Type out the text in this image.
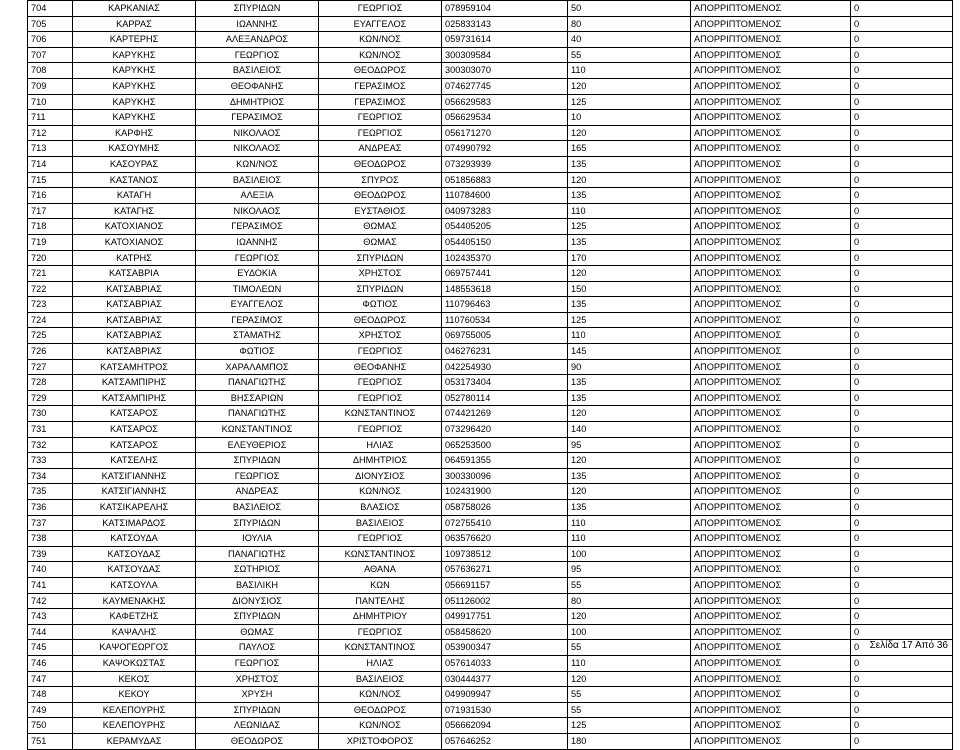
704	ΚΑΡΚΑΝΙΑΣ	ΣΠΥΡΙΔΩΝ	ΓΕΩΡΓΙΟΣ	078959104	50	ΑΠΟΡΡΙΠΤΟΜΕΝΟΣ	0
705	ΚΑΡΡΑΣ	ΙΩΑΝΝΗΣ	ΕΥΑΓΓΕΛΟΣ	025833143	80	ΑΠΟΡΡΙΠΤΟΜΕΝΟΣ	0
706	ΚΑΡΤΕΡΗΣ	ΑΛΕΞΑΝΔΡΟΣ	ΚΩΝ/ΝΟΣ	059731614	40	ΑΠΟΡΡΙΠΤΟΜΕΝΟΣ	0
707	ΚΑΡΥΚΗΣ	ΓΕΩΡΓΙΟΣ	ΚΩΝ/ΝΟΣ	300309584	55	ΑΠΟΡΡΙΠΤΟΜΕΝΟΣ	0
708	ΚΑΡΥΚΗΣ	ΒΑΣΙΛΕΙΟΣ	ΘΕΟΔΩΡΟΣ	300303070	110	ΑΠΟΡΡΙΠΤΟΜΕΝΟΣ	0
709	ΚΑΡΥΚΗΣ	ΘΕΟΦΑΝΗΣ	ΓΕΡΑΣΙΜΟΣ	074627745	120	ΑΠΟΡΡΙΠΤΟΜΕΝΟΣ	0
710	ΚΑΡΥΚΗΣ	ΔΗΜΗΤΡΙΟΣ	ΓΕΡΑΣΙΜΟΣ	056629583	125	ΑΠΟΡΡΙΠΤΟΜΕΝΟΣ	0
711	ΚΑΡΥΚΗΣ	ΓΕΡΑΣΙΜΟΣ	ΓΕΩΡΓΙΟΣ	056629534	10	ΑΠΟΡΡΙΠΤΟΜΕΝΟΣ	0
712	ΚΑΡΦΗΣ	ΝΙΚΟΛΑΟΣ	ΓΕΩΡΓΙΟΣ	056171270	120	ΑΠΟΡΡΙΠΤΟΜΕΝΟΣ	0
713	ΚΑΣΟΥΜΗΣ	ΝΙΚΟΛΑΟΣ	ΑΝΔΡΕΑΣ	074990792	165	ΑΠΟΡΡΙΠΤΟΜΕΝΟΣ	0
714	ΚΑΣΟΥΡΑΣ	ΚΩΝ/ΝΟΣ	ΘΕΟΔΩΡΟΣ	073293939	135	ΑΠΟΡΡΙΠΤΟΜΕΝΟΣ	0
715	ΚΑΣΤΑΝΟΣ	ΒΑΣΙΛΕΙΟΣ	ΣΠΥΡΟΣ	051856883	120	ΑΠΟΡΡΙΠΤΟΜΕΝΟΣ	0
716	ΚΑΤΑΓΗ	ΑΛΕΞΙΑ	ΘΕΟΔΩΡΟΣ	110784600	135	ΑΠΟΡΡΙΠΤΟΜΕΝΟΣ	0
717	ΚΑΤΑΓΗΣ	ΝΙΚΟΛΑΟΣ	ΕΥΣΤΑΘΙΟΣ	040973283	110	ΑΠΟΡΡΙΠΤΟΜΕΝΟΣ	0
718	ΚΑΤΟΧΙΑΝΟΣ	ΓΕΡΑΣΙΜΟΣ	ΘΩΜΑΣ	054405205	125	ΑΠΟΡΡΙΠΤΟΜΕΝΟΣ	0
719	ΚΑΤΟΧΙΑΝΟΣ	ΙΩΑΝΝΗΣ	ΘΩΜΑΣ	054405150	135	ΑΠΟΡΡΙΠΤΟΜΕΝΟΣ	0
720	ΚΑΤΡΗΣ	ΓΕΩΡΓΙΟΣ	ΣΠΥΡΙΔΩΝ	102435370	170	ΑΠΟΡΡΙΠΤΟΜΕΝΟΣ	0
721	ΚΑΤΣΑΒΡΙΑ	ΕΥΔΟΚΙΑ	ΧΡΗΣΤΟΣ	069757441	120	ΑΠΟΡΡΙΠΤΟΜΕΝΟΣ	0
722	ΚΑΤΣΑΒΡΙΑΣ	ΤΙΜΟΛΕΩΝ	ΣΠΥΡΙΔΩΝ	148553618	150	ΑΠΟΡΡΙΠΤΟΜΕΝΟΣ	0
723	ΚΑΤΣΑΒΡΙΑΣ	ΕΥΑΓΓΕΛΟΣ	ΦΩΤΙΟΣ	110796463	135	ΑΠΟΡΡΙΠΤΟΜΕΝΟΣ	0
724	ΚΑΤΣΑΒΡΙΑΣ	ΓΕΡΑΣΙΜΟΣ	ΘΕΟΔΩΡΟΣ	110760534	125	ΑΠΟΡΡΙΠΤΟΜΕΝΟΣ	0
725	ΚΑΤΣΑΒΡΙΑΣ	ΣΤΑΜΑΤΗΣ	ΧΡΗΣΤΟΣ	069755005	110	ΑΠΟΡΡΙΠΤΟΜΕΝΟΣ	0
726	ΚΑΤΣΑΒΡΙΑΣ	ΦΩΤΙΟΣ	ΓΕΩΡΓΙΟΣ	046276231	145	ΑΠΟΡΡΙΠΤΟΜΕΝΟΣ	0
727	ΚΑΤΣΑΜΗΤΡΟΣ	ΧΑΡΑΛΑΜΠΟΣ	ΘΕΟΦΑΝΗΣ	042254930	90	ΑΠΟΡΡΙΠΤΟΜΕΝΟΣ	0
728	ΚΑΤΣΑΜΠΙΡΗΣ	ΠΑΝΑΓΙΩΤΗΣ	ΓΕΩΡΓΙΟΣ	053173404	135	ΑΠΟΡΡΙΠΤΟΜΕΝΟΣ	0
729	ΚΑΤΣΑΜΠΙΡΗΣ	ΒΗΣΣΑΡΙΩΝ	ΓΕΩΡΓΙΟΣ	052780114	135	ΑΠΟΡΡΙΠΤΟΜΕΝΟΣ	0
730	ΚΑΤΣΑΡΟΣ	ΠΑΝΑΓΙΩΤΗΣ	ΚΩΝΣΤΑΝΤΙΝΟΣ	074421269	120	ΑΠΟΡΡΙΠΤΟΜΕΝΟΣ	0
731	ΚΑΤΣΑΡΟΣ	ΚΩΝΣΤΑΝΤΙΝΟΣ	ΓΕΩΡΓΙΟΣ	073296420	140	ΑΠΟΡΡΙΠΤΟΜΕΝΟΣ	0
732	ΚΑΤΣΑΡΟΣ	ΕΛΕΥΘΕΡΙΟΣ	ΗΛΙΑΣ	065253500	95	ΑΠΟΡΡΙΠΤΟΜΕΝΟΣ	0
733	ΚΑΤΣΕΛΗΣ	ΣΠΥΡΙΔΩΝ	ΔΗΜΗΤΡΙΟΣ	064591355	120	ΑΠΟΡΡΙΠΤΟΜΕΝΟΣ	0
734	ΚΑΤΣΙΓΙΑΝΝΗΣ	ΓΕΩΡΓΙΟΣ	ΔΙΟΝΥΣΙΟΣ	300330096	135	ΑΠΟΡΡΙΠΤΟΜΕΝΟΣ	0
735	ΚΑΤΣΙΓΙΑΝΝΗΣ	ΑΝΔΡΕΑΣ	ΚΩΝ/ΝΟΣ	102431900	120	ΑΠΟΡΡΙΠΤΟΜΕΝΟΣ	0
736	ΚΑΤΣΙΚΑΡΕΛΗΣ	ΒΑΣΙΛΕΙΟΣ	ΒΛΑΣΙΟΣ	058758026	135	ΑΠΟΡΡΙΠΤΟΜΕΝΟΣ	0
737	ΚΑΤΣΙΜΑΡΔΟΣ	ΣΠΥΡΙΔΩΝ	ΒΑΣΙΛΕΙΟΣ	072755410	110	ΑΠΟΡΡΙΠΤΟΜΕΝΟΣ	0
738	ΚΑΤΣΟΥΔΑ	ΙΟΥΛΙΑ	ΓΕΩΡΓΙΟΣ	063576620	110	ΑΠΟΡΡΙΠΤΟΜΕΝΟΣ	0
739	ΚΑΤΣΟΥΔΑΣ	ΠΑΝΑΓΙΩΤΗΣ	ΚΩΝΣΤΑΝΤΙΝΟΣ	109738512	100	ΑΠΟΡΡΙΠΤΟΜΕΝΟΣ	0
740	ΚΑΤΣΟΥΔΑΣ	ΣΩΤΗΡΙΟΣ	ΑΘΑΝΑ	057636271	95	ΑΠΟΡΡΙΠΤΟΜΕΝΟΣ	0
741	ΚΑΤΣΟΥΛΑ	ΒΑΣΙΛΙΚΗ	ΚΩΝ	056691157	55	ΑΠΟΡΡΙΠΤΟΜΕΝΟΣ	0
742	ΚΑΥΜΕΝΑΚΗΣ	ΔΙΟΝΥΣΙΟΣ	ΠΑΝΤΕΛΗΣ	051126002	80	ΑΠΟΡΡΙΠΤΟΜΕΝΟΣ	0
743	ΚΑΦΕΤΖΗΣ	ΣΠΥΡΙΔΩΝ	ΔΗΜΗΤΡΙΟΥ	049917751	120	ΑΠΟΡΡΙΠΤΟΜΕΝΟΣ	0
744	ΚΑΨΑΛΗΣ	ΘΩΜΑΣ	ΓΕΩΡΓΙΟΣ	058458620	100	ΑΠΟΡΡΙΠΤΟΜΕΝΟΣ	0
745	ΚΑΨΟΓΕΩΡΓΟΣ	ΠΑΥΛΟΣ	ΚΩΝΣΤΑΝΤΙΝΟΣ	053900347	55	ΑΠΟΡΡΙΠΤΟΜΕΝΟΣ	0
746	ΚΑΨΟΚΩΣΤΑΣ	ΓΕΩΡΓΙΟΣ	ΗΛΙΑΣ	057614033	110	ΑΠΟΡΡΙΠΤΟΜΕΝΟΣ	0
747	ΚΕΚΟΣ	ΧΡΗΣΤΟΣ	ΒΑΣΙΛΕΙΟΣ	030444377	120	ΑΠΟΡΡΙΠΤΟΜΕΝΟΣ	0
748	ΚΕΚΟΥ	ΧΡΥΣΗ	ΚΩΝ/ΝΟΣ	049909947	55	ΑΠΟΡΡΙΠΤΟΜΕΝΟΣ	0
749	ΚΕΛΕΠΟΥΡΗΣ	ΣΠΥΡΙΔΩΝ	ΘΕΟΔΩΡΟΣ	071931530	55	ΑΠΟΡΡΙΠΤΟΜΕΝΟΣ	0
750	ΚΕΛΕΠΟΥΡΗΣ	ΛΕΩΝΙΔΑΣ	ΚΩΝ/ΝΟΣ	056662094	125	ΑΠΟΡΡΙΠΤΟΜΕΝΟΣ	0
751	ΚΕΡΑΜΥΔΑΣ	ΘΕΟΔΩΡΟΣ	ΧΡΙΣΤΟΦΟΡΟΣ	057646252	180	ΑΠΟΡΡΙΠΤΟΜΕΝΟΣ	0
Σελίδα 17 Από 36
